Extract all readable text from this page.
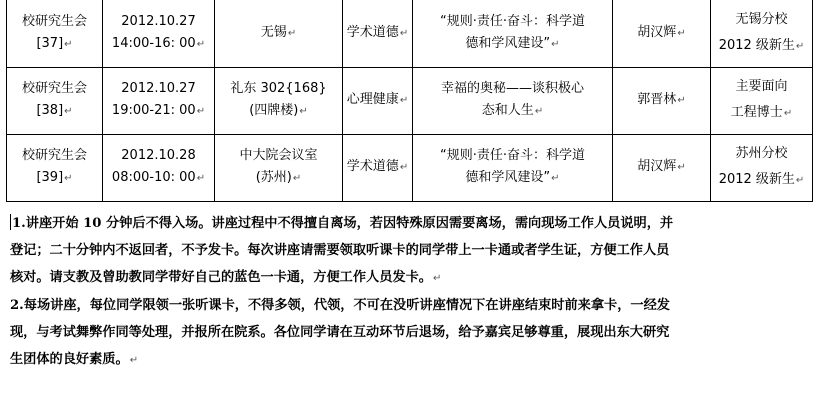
校研究生会
[37]↵	2012.10.27
14:00-16: 00↵	无锡↵	学术道德↵	“规则·责任·奋斗：科学道
德和学风建设”↵	胡汉辉↵	无锡分校
2012 级新生↵

校研究生会
[38]↵	2012.10.27
19:00-21: 00↵	礼东 302{168}
(四牌楼)↵	心理健康↵	幸福的奥秘——谈积极心
态和人生↵	郭晋林↵	主要面向
工程博士↵

校研究生会
[39]↵	2012.10.28
08:00-10: 00↵	中大院会议室
(苏州)↵	学术道德↵	“规则·责任·奋斗：科学道
德和学风建设”↵	胡汉辉↵	苏州分校
2012 级新生↵

1.讲座开始 10 分钟后不得入场。讲座过程中不得擅自离场，若因特殊原因需要离场，需向现场工作人员说明，并
登记；二十分钟内不返回者，不予发卡。每次讲座请需要领取听课卡的同学带上一卡通或者学生证，方便工作人员
核对。请支教及曾助教同学带好自己的蓝色一卡通，方便工作人员发卡。↵

2.每场讲座，每位同学限领一张听课卡，不得多领，代领，不可在没听讲座情况下在讲座结束时前来拿卡，一经发
现，与考试舞弊作同等处理，并报所在院系。各位同学请在互动环节后退场，给予嘉宾足够尊重，展现出东大研究
生团体的良好素质。↵
